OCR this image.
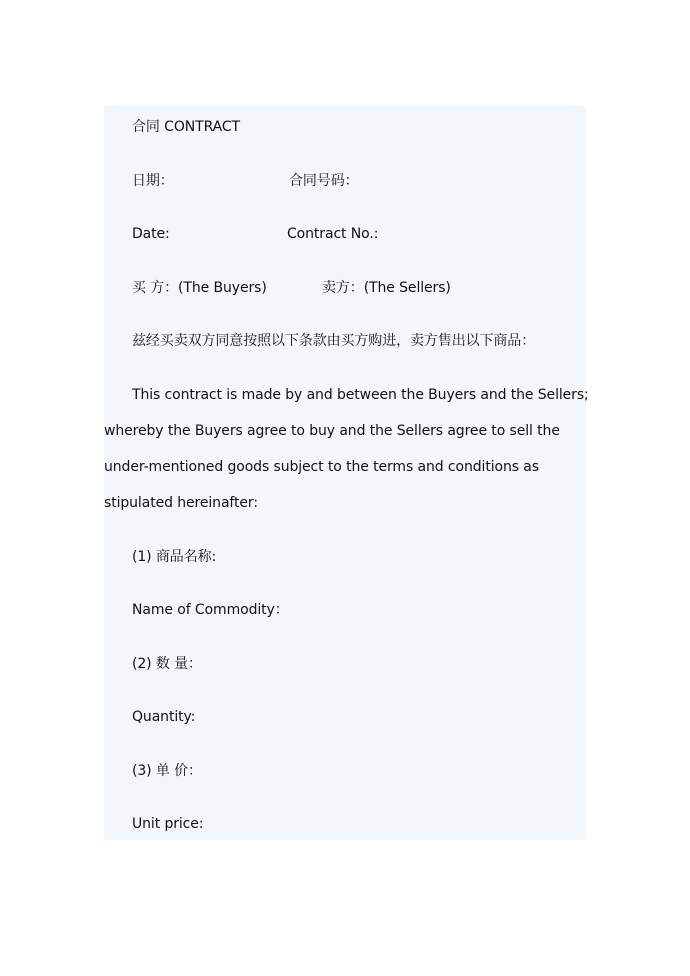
合同 CONTRACT
日期：	合同号码：
Date:	Contract No.:
买 方：(The Buyers)	卖方：(The Sellers)
兹经买卖双方同意按照以下条款由买方购进，卖方售出以下商品：
This contract is made by and between the Buyers and the Sellers;
whereby the Buyers agree to buy and the Sellers agree to sell the
under-mentioned goods subject to the terms and conditions as
stipulated hereinafter:
(1) 商品名称:
Name of Commodity：
(2) 数 量：
Quantity:
(3) 单 价：
Unit price:
